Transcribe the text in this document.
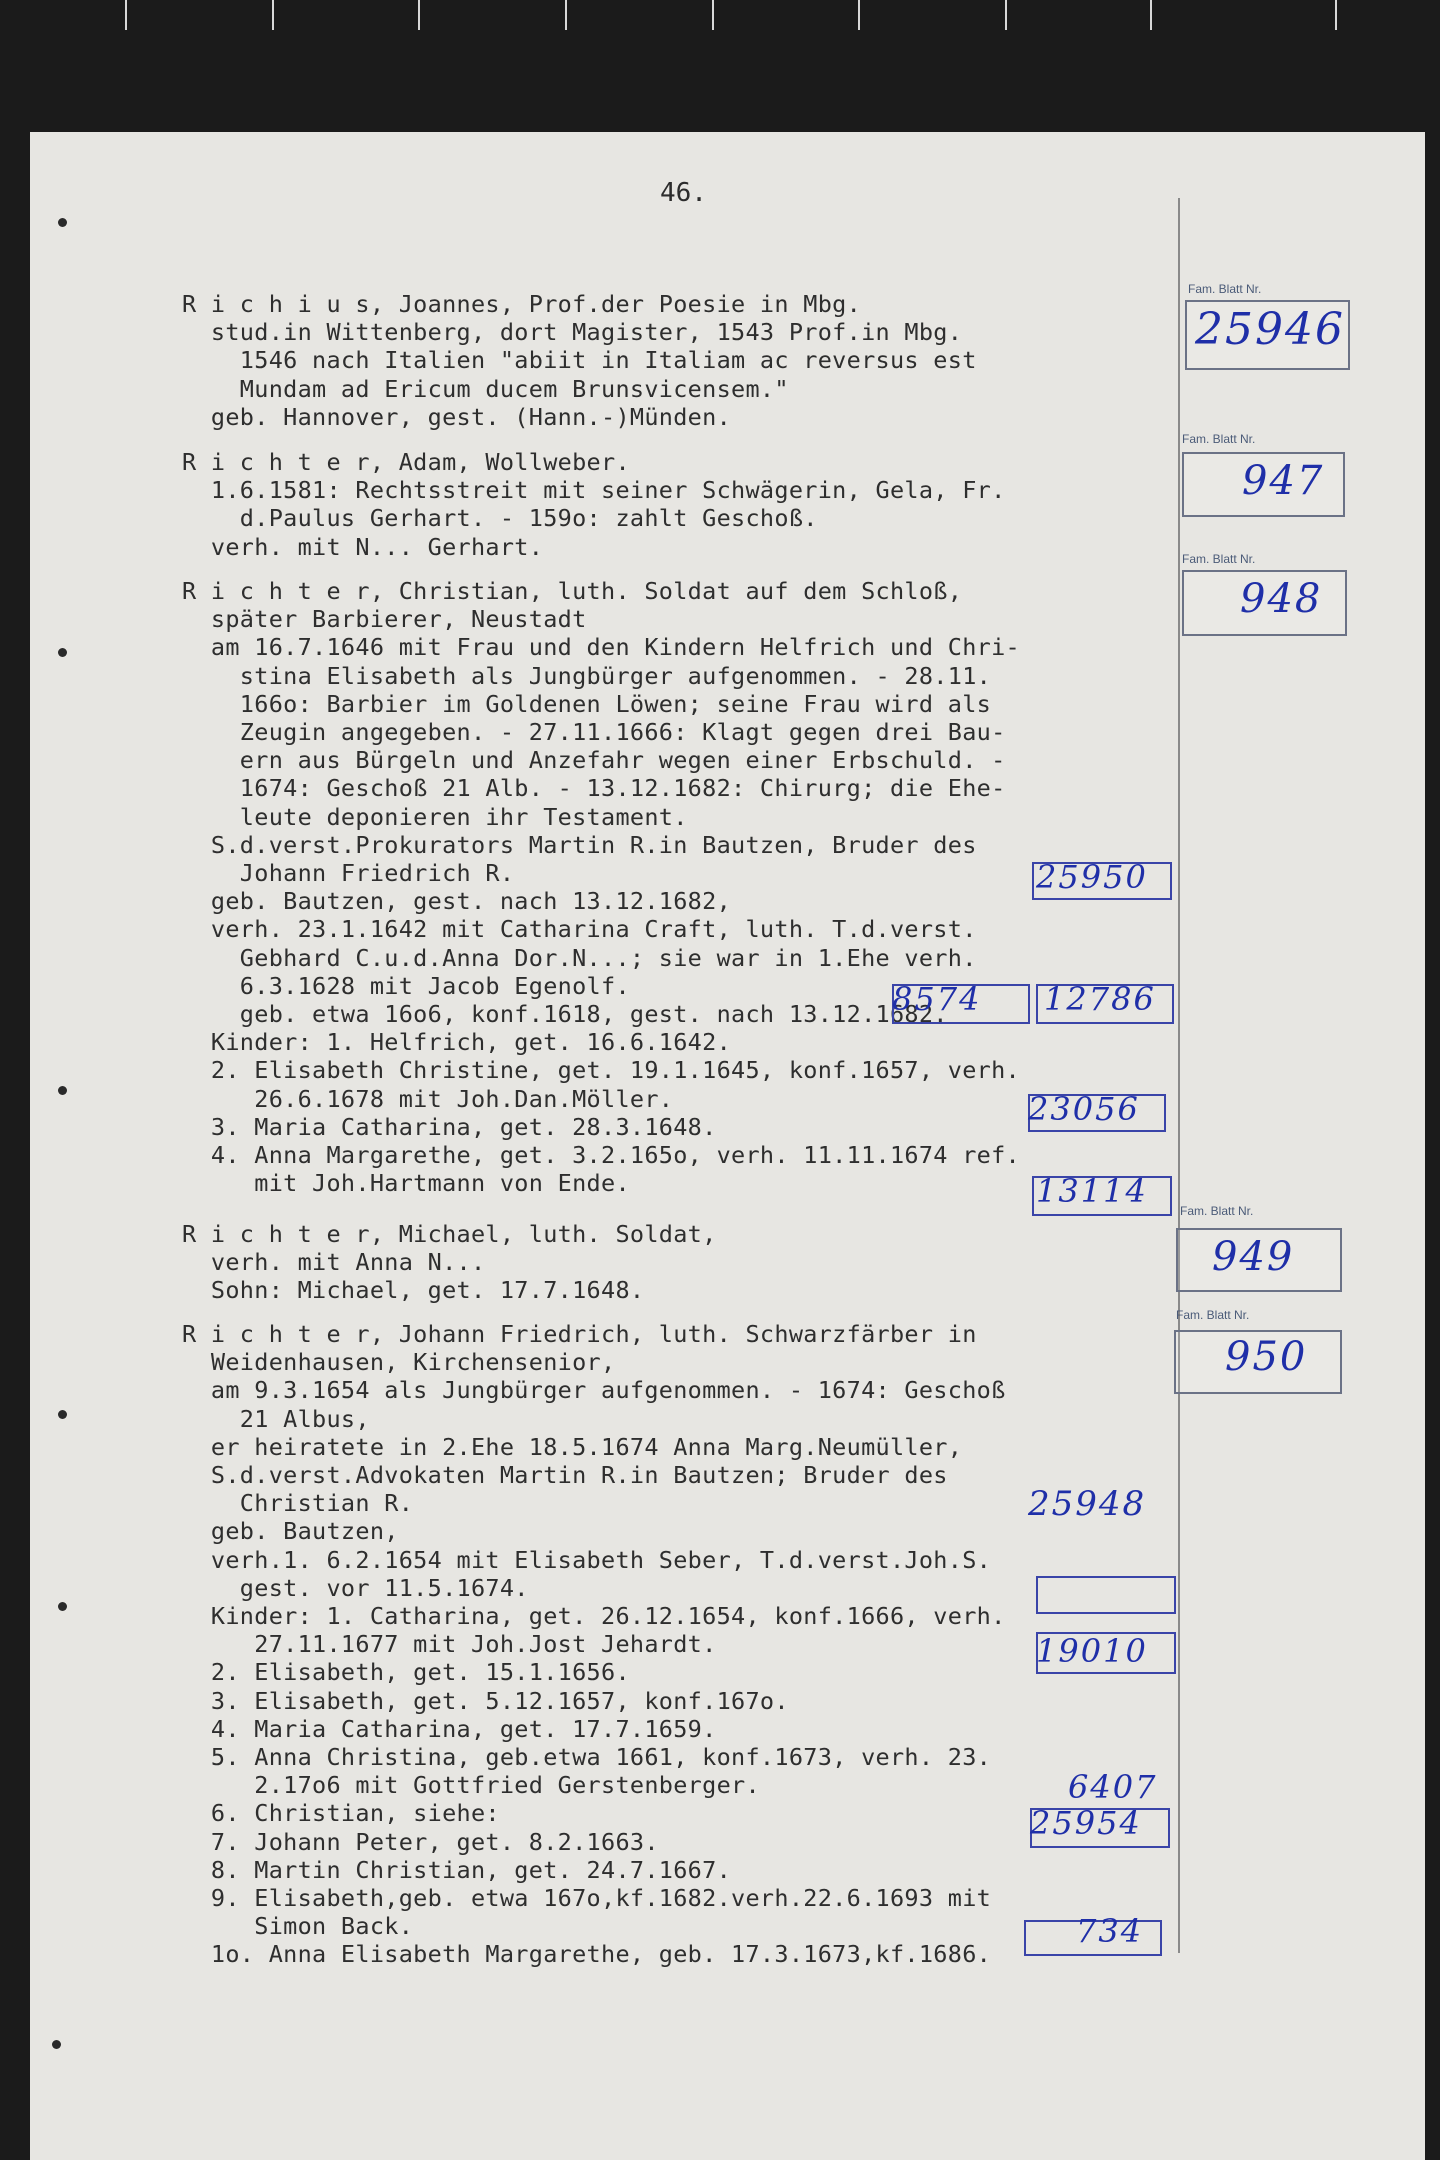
46.
R i c h i u s, Joannes, Prof.der Poesie in Mbg.
stud.in Wittenberg, dort Magister, 1543 Prof.in Mbg.
1546 nach Italien "abiit in Italiam ac reversus est
Mundam ad Ericum ducem Brunsvicensem."
geb. Hannover, gest. (Hann.-)Münden.
R i c h t e r, Adam, Wollweber.
1.6.1581: Rechtsstreit mit seiner Schwägerin, Gela, Fr.
d.Paulus Gerhart. - 159o: zahlt Geschoß.
verh. mit N... Gerhart.
R i c h t e r, Christian, luth. Soldat auf dem Schloß,
später Barbierer, Neustadt
am 16.7.1646 mit Frau und den Kindern Helfrich und Chri-
stina Elisabeth als Jungbürger aufgenommen. - 28.11.
166o: Barbier im Goldenen Löwen; seine Frau wird als
Zeugin angegeben. - 27.11.1666: Klagt gegen drei Bau-
ern aus Bürgeln und Anzefahr wegen einer Erbschuld. -
1674: Geschoß 21 Alb. - 13.12.1682: Chirurg; die Ehe-
leute deponieren ihr Testament.
S.d.verst.Prokurators Martin R.in Bautzen, Bruder des
Johann Friedrich R.
geb. Bautzen, gest. nach 13.12.1682,
verh. 23.1.1642 mit Catharina Craft, luth. T.d.verst.
Gebhard C.u.d.Anna Dor.N...; sie war in 1.Ehe verh.
6.3.1628 mit Jacob Egenolf.
geb. etwa 16o6, konf.1618, gest. nach 13.12.1682.
Kinder: 1. Helfrich, get. 16.6.1642.
2. Elisabeth Christine, get. 19.1.1645, konf.1657, verh.
26.6.1678 mit Joh.Dan.Möller.
3. Maria Catharina, get. 28.3.1648.
4. Anna Margarethe, get. 3.2.165o, verh. 11.11.1674 ref.
mit Joh.Hartmann von Ende.
R i c h t e r, Michael, luth. Soldat,
verh. mit Anna N...
Sohn: Michael, get. 17.7.1648.
R i c h t e r, Johann Friedrich, luth. Schwarzfärber in
Weidenhausen, Kirchensenior,
am 9.3.1654 als Jungbürger aufgenommen. - 1674: Geschoß
21 Albus,
er heiratete in 2.Ehe 18.5.1674 Anna Marg.Neumüller,
S.d.verst.Advokaten Martin R.in Bautzen; Bruder des
Christian R.
geb. Bautzen,
verh.1. 6.2.1654 mit Elisabeth Seber, T.d.verst.Joh.S.
gest. vor 11.5.1674.
Kinder: 1. Catharina, get. 26.12.1654, konf.1666, verh.
27.11.1677 mit Joh.Jost Jehardt.
2. Elisabeth, get. 15.1.1656.
3. Elisabeth, get. 5.12.1657, konf.167o.
4. Maria Catharina, get. 17.7.1659.
5. Anna Christina, geb.etwa 1661, konf.1673, verh. 23.
2.17o6 mit Gottfried Gerstenberger.
6. Christian, siehe:
7. Johann Peter, get. 8.2.1663.
8. Martin Christian, get. 24.7.1667.
9. Elisabeth,geb. etwa 167o,kf.1682.verh.22.6.1693 mit
Simon Back.
1o. Anna Elisabeth Margarethe, geb. 17.3.1673,kf.1686.
Fam. Blatt Nr.
25946
Fam. Blatt Nr.
947
Fam. Blatt Nr.
948
Fam. Blatt Nr.
949
Fam. Blatt Nr.
950
25950
8574 12786
23056
13114
25948
19010
6407
25954
734
